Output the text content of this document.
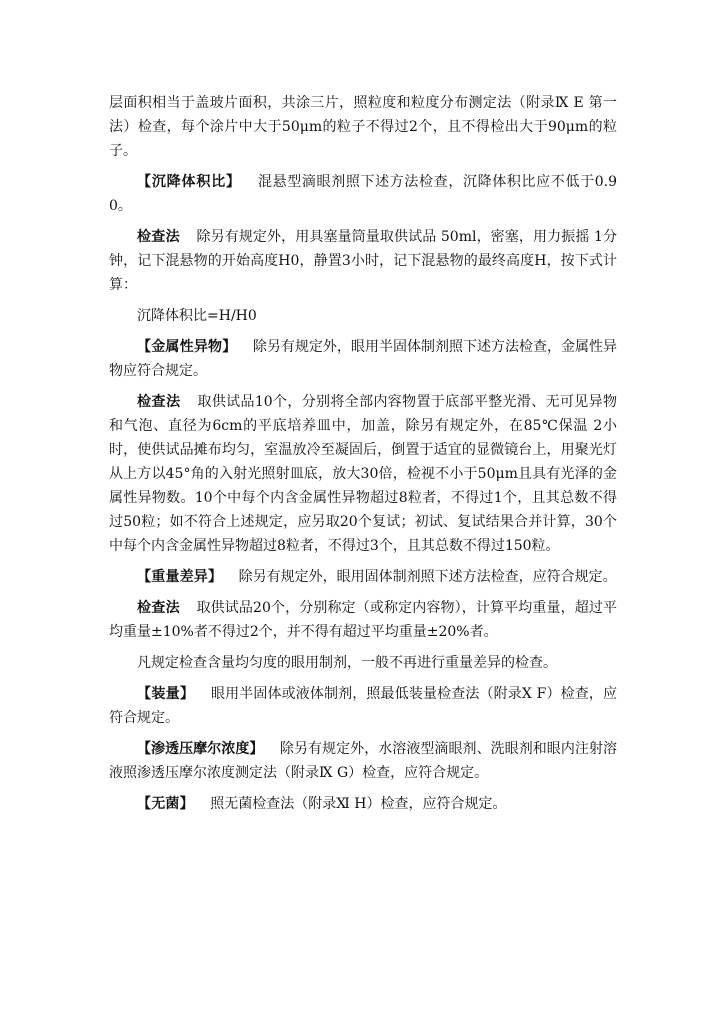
层面积相当于盖玻片面积，共涂三片，照粒度和粒度分布测定法（附录Ⅸ E 第一法）检查，每个涂片中大于50μm的粒子不得过2个，且不得检出大于90μm的粒子。

【沉降体积比】 混悬型滴眼剂照下述方法检查，沉降体积比应不低于0.90。

检查法 除另有规定外，用具塞量筒量取供试品 50ml，密塞，用力振摇 1分钟，记下混悬物的开始高度H0，静置3小时，记下混悬物的最终高度H，按下式计算：

沉降体积比=H/H0

【金属性异物】 除另有规定外，眼用半固体制剂照下述方法检查，金属性异物应符合规定。

检查法 取供试品10个，分别将全部内容物置于底部平整光滑、无可见异物和气泡、直径为6cm的平底培养皿中，加盖，除另有规定外，在85℃保温 2小时，使供试品摊布均匀，室温放冷至凝固后，倒置于适宜的显微镜台上，用聚光灯从上方以45°角的入射光照射皿底，放大30倍，检视不小于50μm且具有光泽的金属性异物数。10个中每个内含金属性异物超过8粒者，不得过1个，且其总数不得过50粒；如不符合上述规定，应另取20个复试；初试、复试结果合并计算，30个中每个内含金属性异物超过8粒者，不得过3个，且其总数不得过150粒。

【重量差异】 除另有规定外，眼用固体制剂照下述方法检查，应符合规定。

检查法 取供试品20个，分别称定（或称定内容物），计算平均重量，超过平均重量±10%者不得过2个，并不得有超过平均重量±20%者。

凡规定检查含量均匀度的眼用制剂，一般不再进行重量差异的检查。

【装量】 眼用半固体或液体制剂，照最低装量检查法（附录Ⅹ F）检查，应符合规定。

【渗透压摩尔浓度】 除另有规定外，水溶液型滴眼剂、洗眼剂和眼内注射溶液照渗透压摩尔浓度测定法（附录Ⅸ G）检查，应符合规定。

【无菌】 照无菌检查法（附录Ⅺ H）检查，应符合规定。
